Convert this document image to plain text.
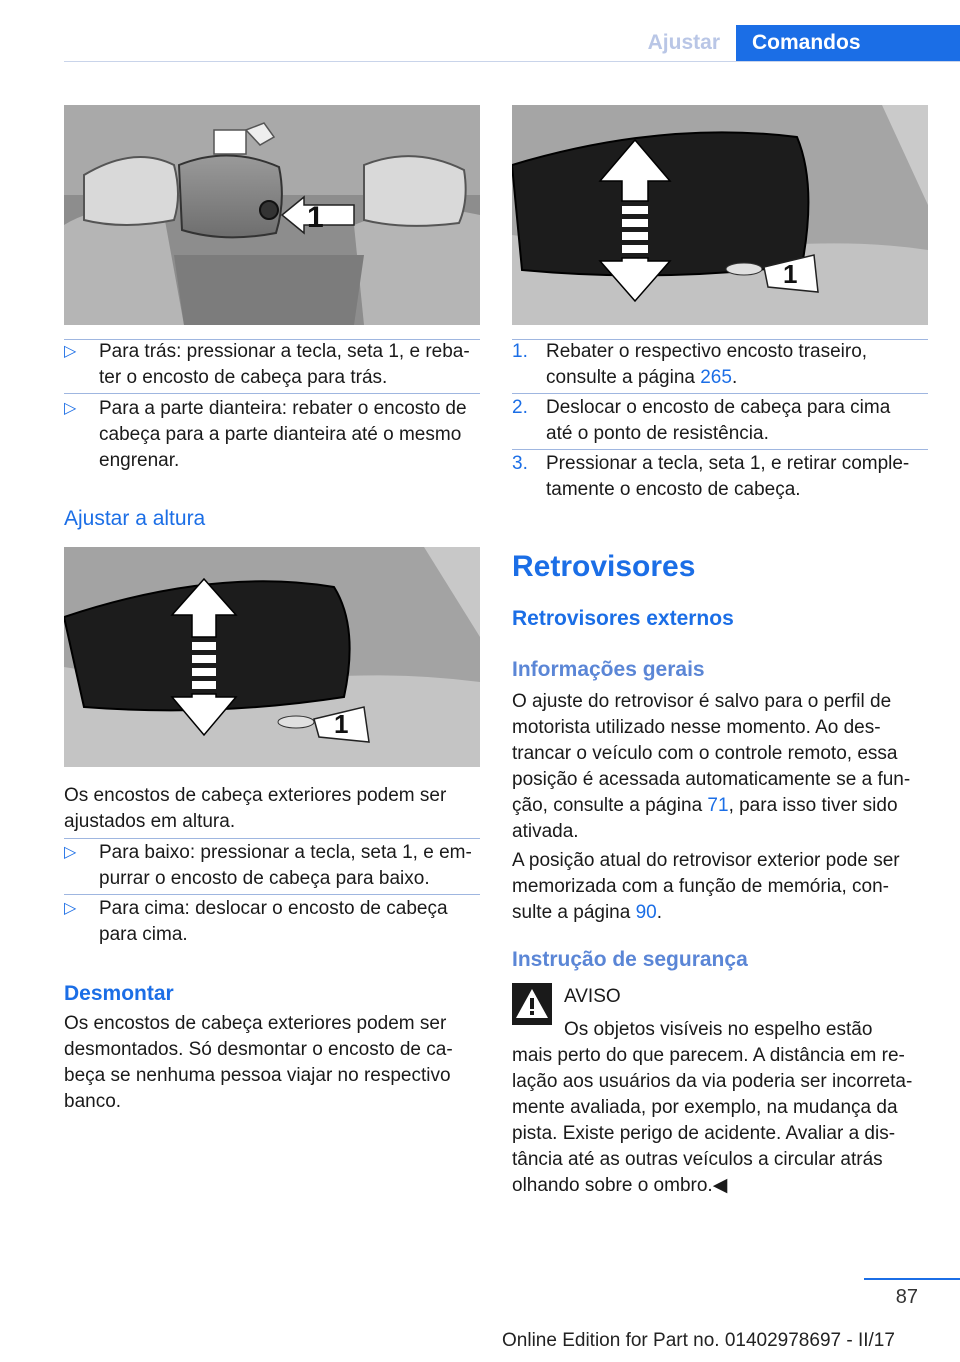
Ajustar	Comandos
1
▷ Para trás: pressionar a tecla, seta 1, e reba‐
ter o encosto de cabeça para trás.
▷ Para a parte dianteira: rebater o encosto de
cabeça para a parte dianteira até o mesmo
engrenar.
Ajustar a altura
1
Os encostos de cabeça exteriores podem ser
ajustados em altura.
▷ Para baixo: pressionar a tecla, seta 1, e em‐
purrar o encosto de cabeça para baixo.
▷ Para cima: deslocar o encosto de cabeça
para cima.
Desmontar
Os encostos de cabeça exteriores podem ser
desmontados. Só desmontar o encosto de ca‐
beça se nenhuma pessoa viajar no respectivo
banco.
1
1. Rebater o respectivo encosto traseiro,
consulte a página 265.
2. Deslocar o encosto de cabeça para cima
até o ponto de resistência.
3. Pressionar a tecla, seta 1, e retirar comple‐
tamente o encosto de cabeça.
Retrovisores
Retrovisores externos
Informações gerais
O ajuste do retrovisor é salvo para o perfil de
motorista utilizado nesse momento. Ao des‐
trancar o veículo com o controle remoto, essa
posição é acessada automaticamente se a fun‐
ção, consulte a página 71, para isso tiver sido
ativada.
A posição atual do retrovisor exterior pode ser
memorizada com a função de memória, con‐
sulte a página 90.
Instrução de segurança
AVISO
Os objetos visíveis no espelho estão
mais perto do que parecem. A distância em re‐
lação aos usuários da via poderia ser incorreta‐
mente avaliada, por exemplo, na mudança da
pista. Existe perigo de acidente. Avaliar a dis‐
tância até as outras veículos a circular atrás
olhando sobre o ombro.◀
87
Online Edition for Part no. 01402978697 - II/17
